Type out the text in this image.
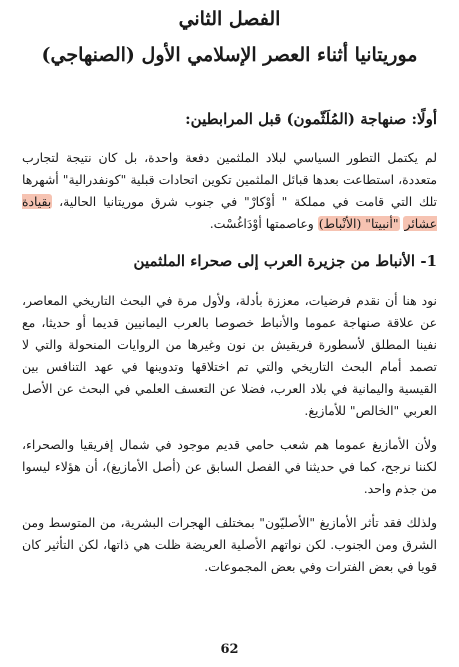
الفصل الثاني
موريتانيا أثناء العصر الإسلامي الأول (الصنهاجي)
أولًا: صنهاجة (المُلَثّمون) قبل المرابطين:

لم يكتمل التطور السياسي لبلاد الملثمين دفعة واحدة، بل كان نتيجة لتجارب متعددة، استطاعت بعدها قبائل الملثمين تكوين اتحادات قبلية "كونفدرالية" أشهرها تلك التي قامت في مملكة " أوْكارْ" في جنوب شرق موريتانيا الحالية، بقيادة عشائر "أنبيتا" (الأنْباط) وعاصمتها أوْدَاغُسْت.

1- الأنباط من جزيرة العرب إلى صحراء الملثمين

نود هنا أن نقدم فرضيات، معززة بأدلة، ولأول مرة في البحث التاريخي المعاصر، عن علاقة صنهاجة عموما والأنباط خصوصا بالعرب اليمانيين قديما أو حديثا، مع نفينا المطلق لأسطورة فريقيش بن نون وغيرها من الروايات المنحولة والتي لا تصمد أمام البحث التاريخي والتي تم اختلاقها وتدوينها في عهد التنافس بين القيسية واليمانية في بلاد العرب، فضلا عن التعسف العلمي في البحث عن الأصل العربي "الخالص" للأمازيغ.

ولأن الأمازيغ عموما هم شعب حامي قديم موجود في شمال إفريقيا والصحراء، لكننا نرجح، كما في حديثنا في الفصل السابق عن (أصل الأمازيغ)، أن هؤلاء ليسوا من جذم واحد.

ولذلك فقد تأثر الأمازيغ "الأصليّون" بمختلف الهجرات البشرية، من المتوسط ومن الشرق ومن الجنوب. لكن نواتهم الأصلية العريضة ظلت هي ذاتها، لكن التأثير كان قويا في بعض الفترات وفي بعض المجموعات.

62
